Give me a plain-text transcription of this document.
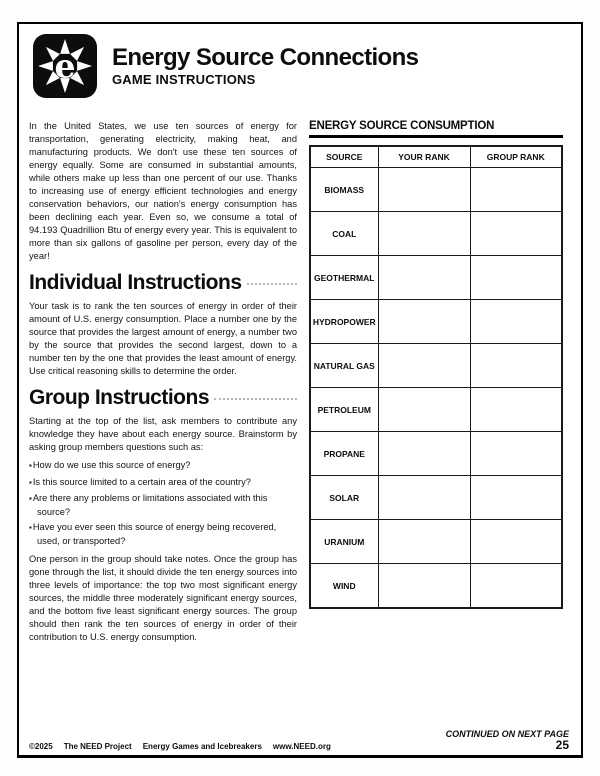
e Energy Source Connections
GAME INSTRUCTIONS

In the United States, we use ten sources of energy for transportation, generating electricity, making heat, and manufacturing products. We don't use these ten sources of energy equally. Some are consumed in substantial amounts, while others make up less than one percent of our use. Thanks to increasing use of energy efficient technologies and energy conservation behaviors, our nation's energy consumption has been declining each year. Even so, we consume a total of 94.193 Quadrillion Btu of energy every year. This is equivalent to more than six gallons of gasoline per person, every day of the year!

Individual Instructions

Your task is to rank the ten sources of energy in order of their amount of U.S. energy consumption. Place a number one by the source that provides the largest amount of energy, a number two by the source that provides the second largest, down to a number ten by the one that provides the least amount of energy. Use critical reasoning skills to determine the order.

Group Instructions

Starting at the top of the list, ask members to contribute any knowledge they have about each energy source. Brainstorm by asking group members questions such as:

▪How do we use this source of energy?
▪Is this source limited to a certain area of the country?
▪Are there any problems or limitations associated with this source?
▪Have you ever seen this source of energy being recovered, used, or transported?

One person in the group should take notes. Once the group has gone through the list, it should divide the ten energy sources into three levels of importance: the top two most significant energy sources, the middle three moderately significant energy sources, and the bottom five least significant energy sources. The group should then rank the ten sources of energy in order of their contribution to U.S. energy consumption.

ENERGY SOURCE CONSUMPTION
SOURCE	YOUR RANK	GROUP RANK
BIOMASS		
COAL		
GEOTHERMAL		
HYDROPOWER		
NATURAL GAS		
PETROLEUM		
PROPANE		
SOLAR		
URANIUM		
WIND		
©2025 The NEED Project Energy Games and Icebreakers www.NEED.org
CONTINUED ON NEXT PAGE
25
